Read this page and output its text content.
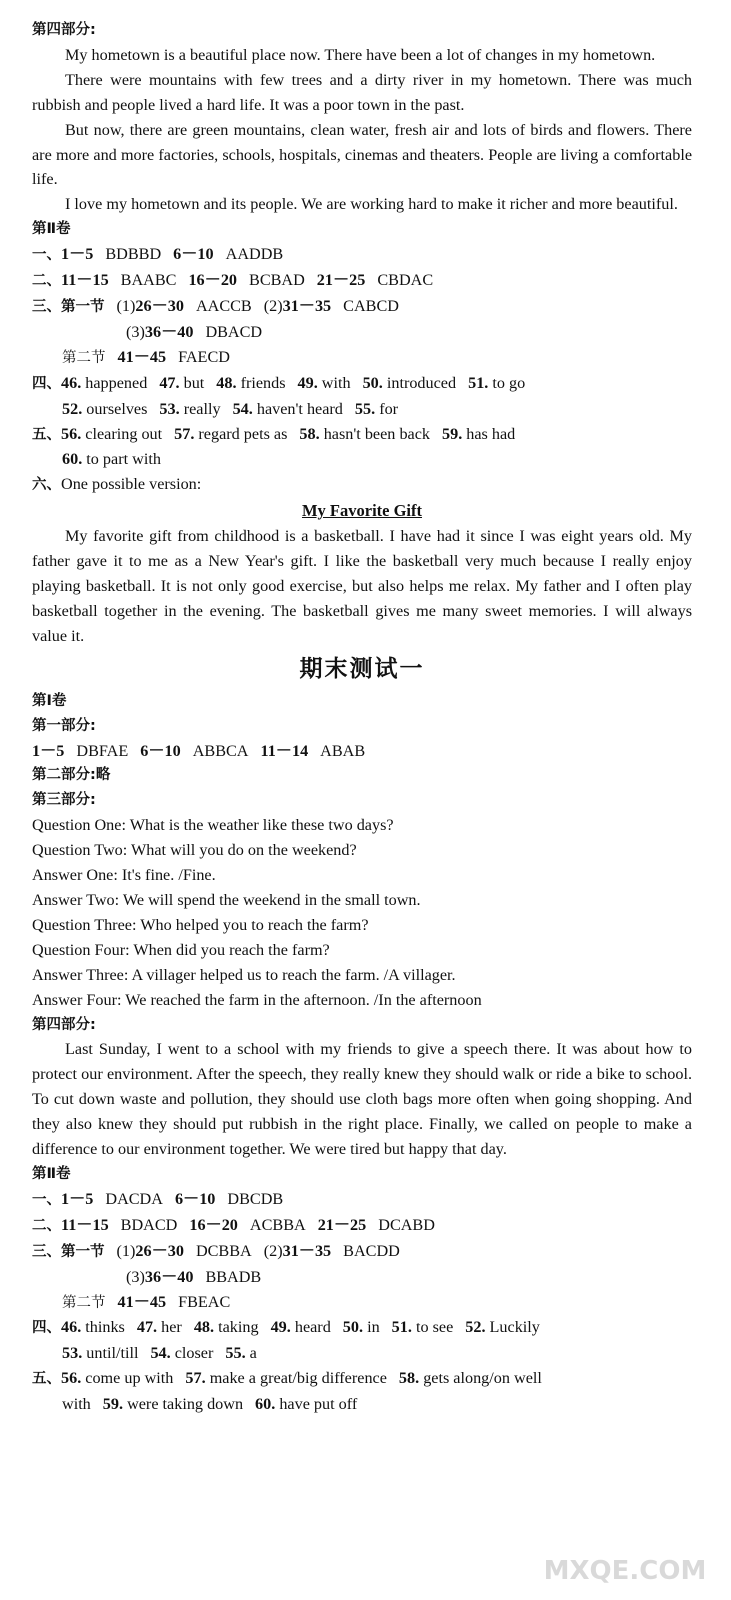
第四部分:
My hometown is a beautiful place now. There have been a lot of changes in my hometown.
There were mountains with few trees and a dirty river in my hometown. There was much rubbish and people lived a hard life. It was a poor town in the past.
But now, there are green mountains, clean water, fresh air and lots of birds and flowers. There are more and more factories, schools, hospitals, cinemas and theaters. People are living a comfortable life.
I love my hometown and its people. We are working hard to make it richer and more beautiful.
第Ⅱ卷
一、1－5 BDBBD 6－10 AADDB
二、11－15 BAABC 16－20 BCBAD 21－25 CBDAC
三、第一节 (1)26－30 AACCB (2)31－35 CABCD
(3)36－40 DBACD
第二节 41－45 FAECD
四、46. happened 47. but 48. friends 49. with 50. introduced 51. to go
52. ourselves 53. really 54. haven't heard 55. for
五、56. clearing out 57. regard pets as 58. hasn't been back 59. has had
60. to part with
六、One possible version:
My Favorite Gift
My favorite gift from childhood is a basketball. I have had it since I was eight years old. My father gave it to me as a New Year's gift. I like the basketball very much because I really enjoy playing basketball. It is not only good exercise, but also helps me relax. My father and I often play basketball together in the evening. The basketball gives me many sweet memories. I will always value it.
期末测试一
第Ⅰ卷
第一部分:
1－5 DBFAE 6－10 ABBCA 11－14 ABAB
第二部分:略
第三部分:
Question One: What is the weather like these two days?
Question Two: What will you do on the weekend?
Answer One: It's fine. /Fine.
Answer Two: We will spend the weekend in the small town.
Question Three: Who helped you to reach the farm?
Question Four: When did you reach the farm?
Answer Three: A villager helped us to reach the farm. /A villager.
Answer Four: We reached the farm in the afternoon. /In the afternoon
第四部分:
Last Sunday, I went to a school with my friends to give a speech there. It was about how to protect our environment. After the speech, they really knew they should walk or ride a bike to school. To cut down waste and pollution, they should use cloth bags more often when going shopping. And they also knew they should put rubbish in the right place. Finally, we called on people to make a difference to our environment together. We were tired but happy that day.
第Ⅱ卷
一、1－5 DACDA 6－10 DBCDB
二、11－15 BDACD 16－20 ACBBA 21－25 DCABD
三、第一节 (1)26－30 DCBBA (2)31－35 BACDD
(3)36－40 BBADB
第二节 41－45 FBEAC
四、46. thinks 47. her 48. taking 49. heard 50. in 51. to see 52. Luckily
53. until/till 54. closer 55. a
五、56. come up with 57. make a great/big difference 58. gets along/on well
with 59. were taking down 60. have put off
MXQE.COM
